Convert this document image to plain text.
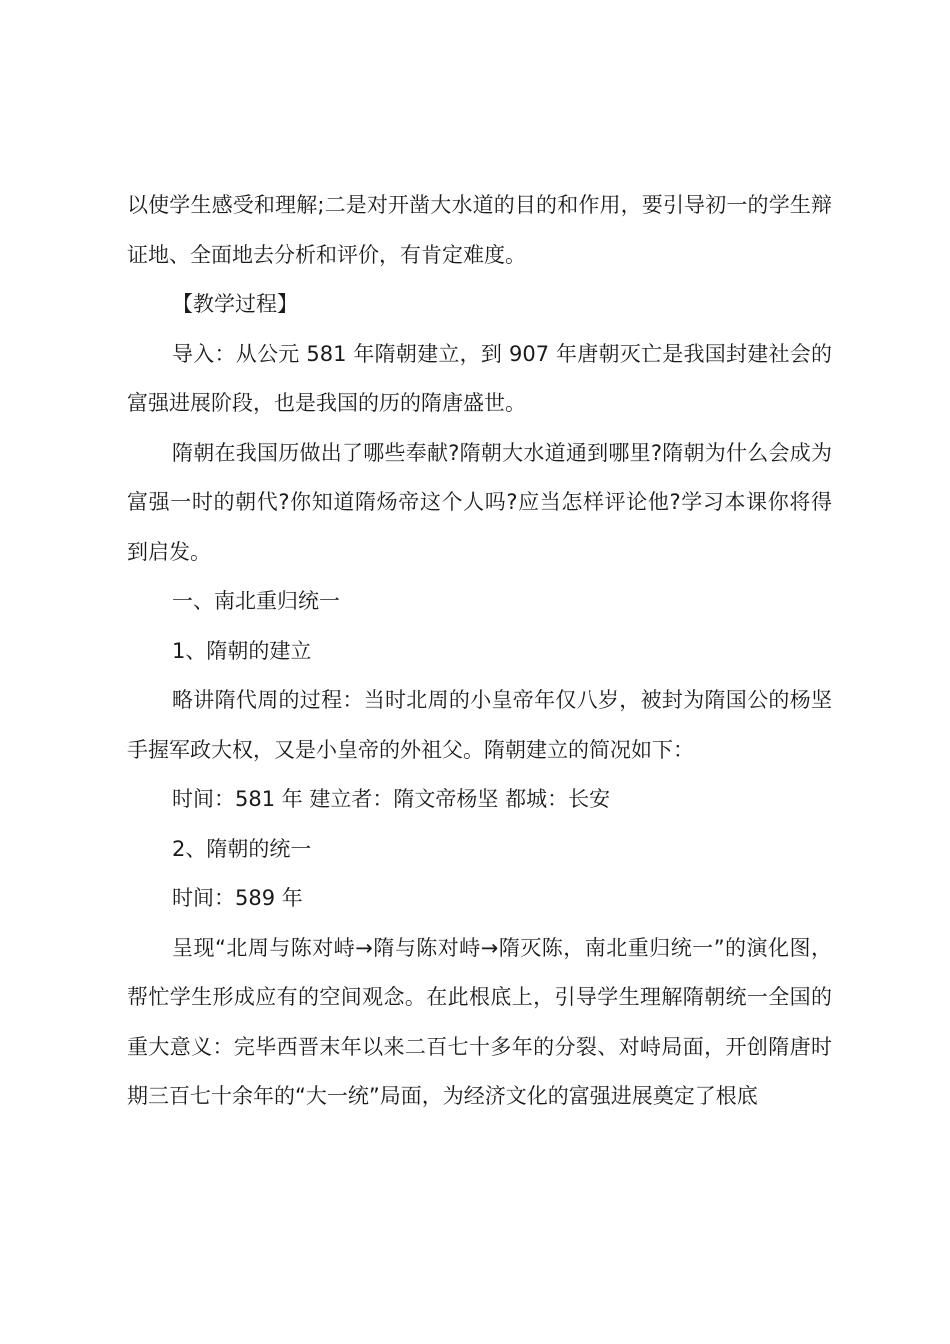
以使学生感受和理解;二是对开凿大水道的目的和作用，要引导初一的学生辩证地、全面地去分析和评价，有肯定难度。

【教学过程】

导入：从公元 581 年隋朝建立，到 907 年唐朝灭亡是我国封建社会的富强进展阶段，也是我国的历的隋唐盛世。

隋朝在我国历做出了哪些奉献?隋朝大水道通到哪里?隋朝为什么会成为富强一时的朝代?你知道隋炀帝这个人吗?应当怎样评论他?学习本课你将得到启发。

一、南北重归统一

1、隋朝的建立

略讲隋代周的过程：当时北周的小皇帝年仅八岁，被封为隋国公的杨坚手握军政大权，又是小皇帝的外祖父。隋朝建立的简况如下：

时间：581 年 建立者：隋文帝杨坚 都城：长安

2、隋朝的统一

时间：589 年

呈现“北周与陈对峙→隋与陈对峙→隋灭陈，南北重归统一”的演化图，帮忙学生形成应有的空间观念。在此根底上，引导学生理解隋朝统一全国的重大意义：完毕西晋末年以来二百七十多年的分裂、对峙局面，开创隋唐时期三百七十余年的“大一统”局面，为经济文化的富强进展奠定了根底
